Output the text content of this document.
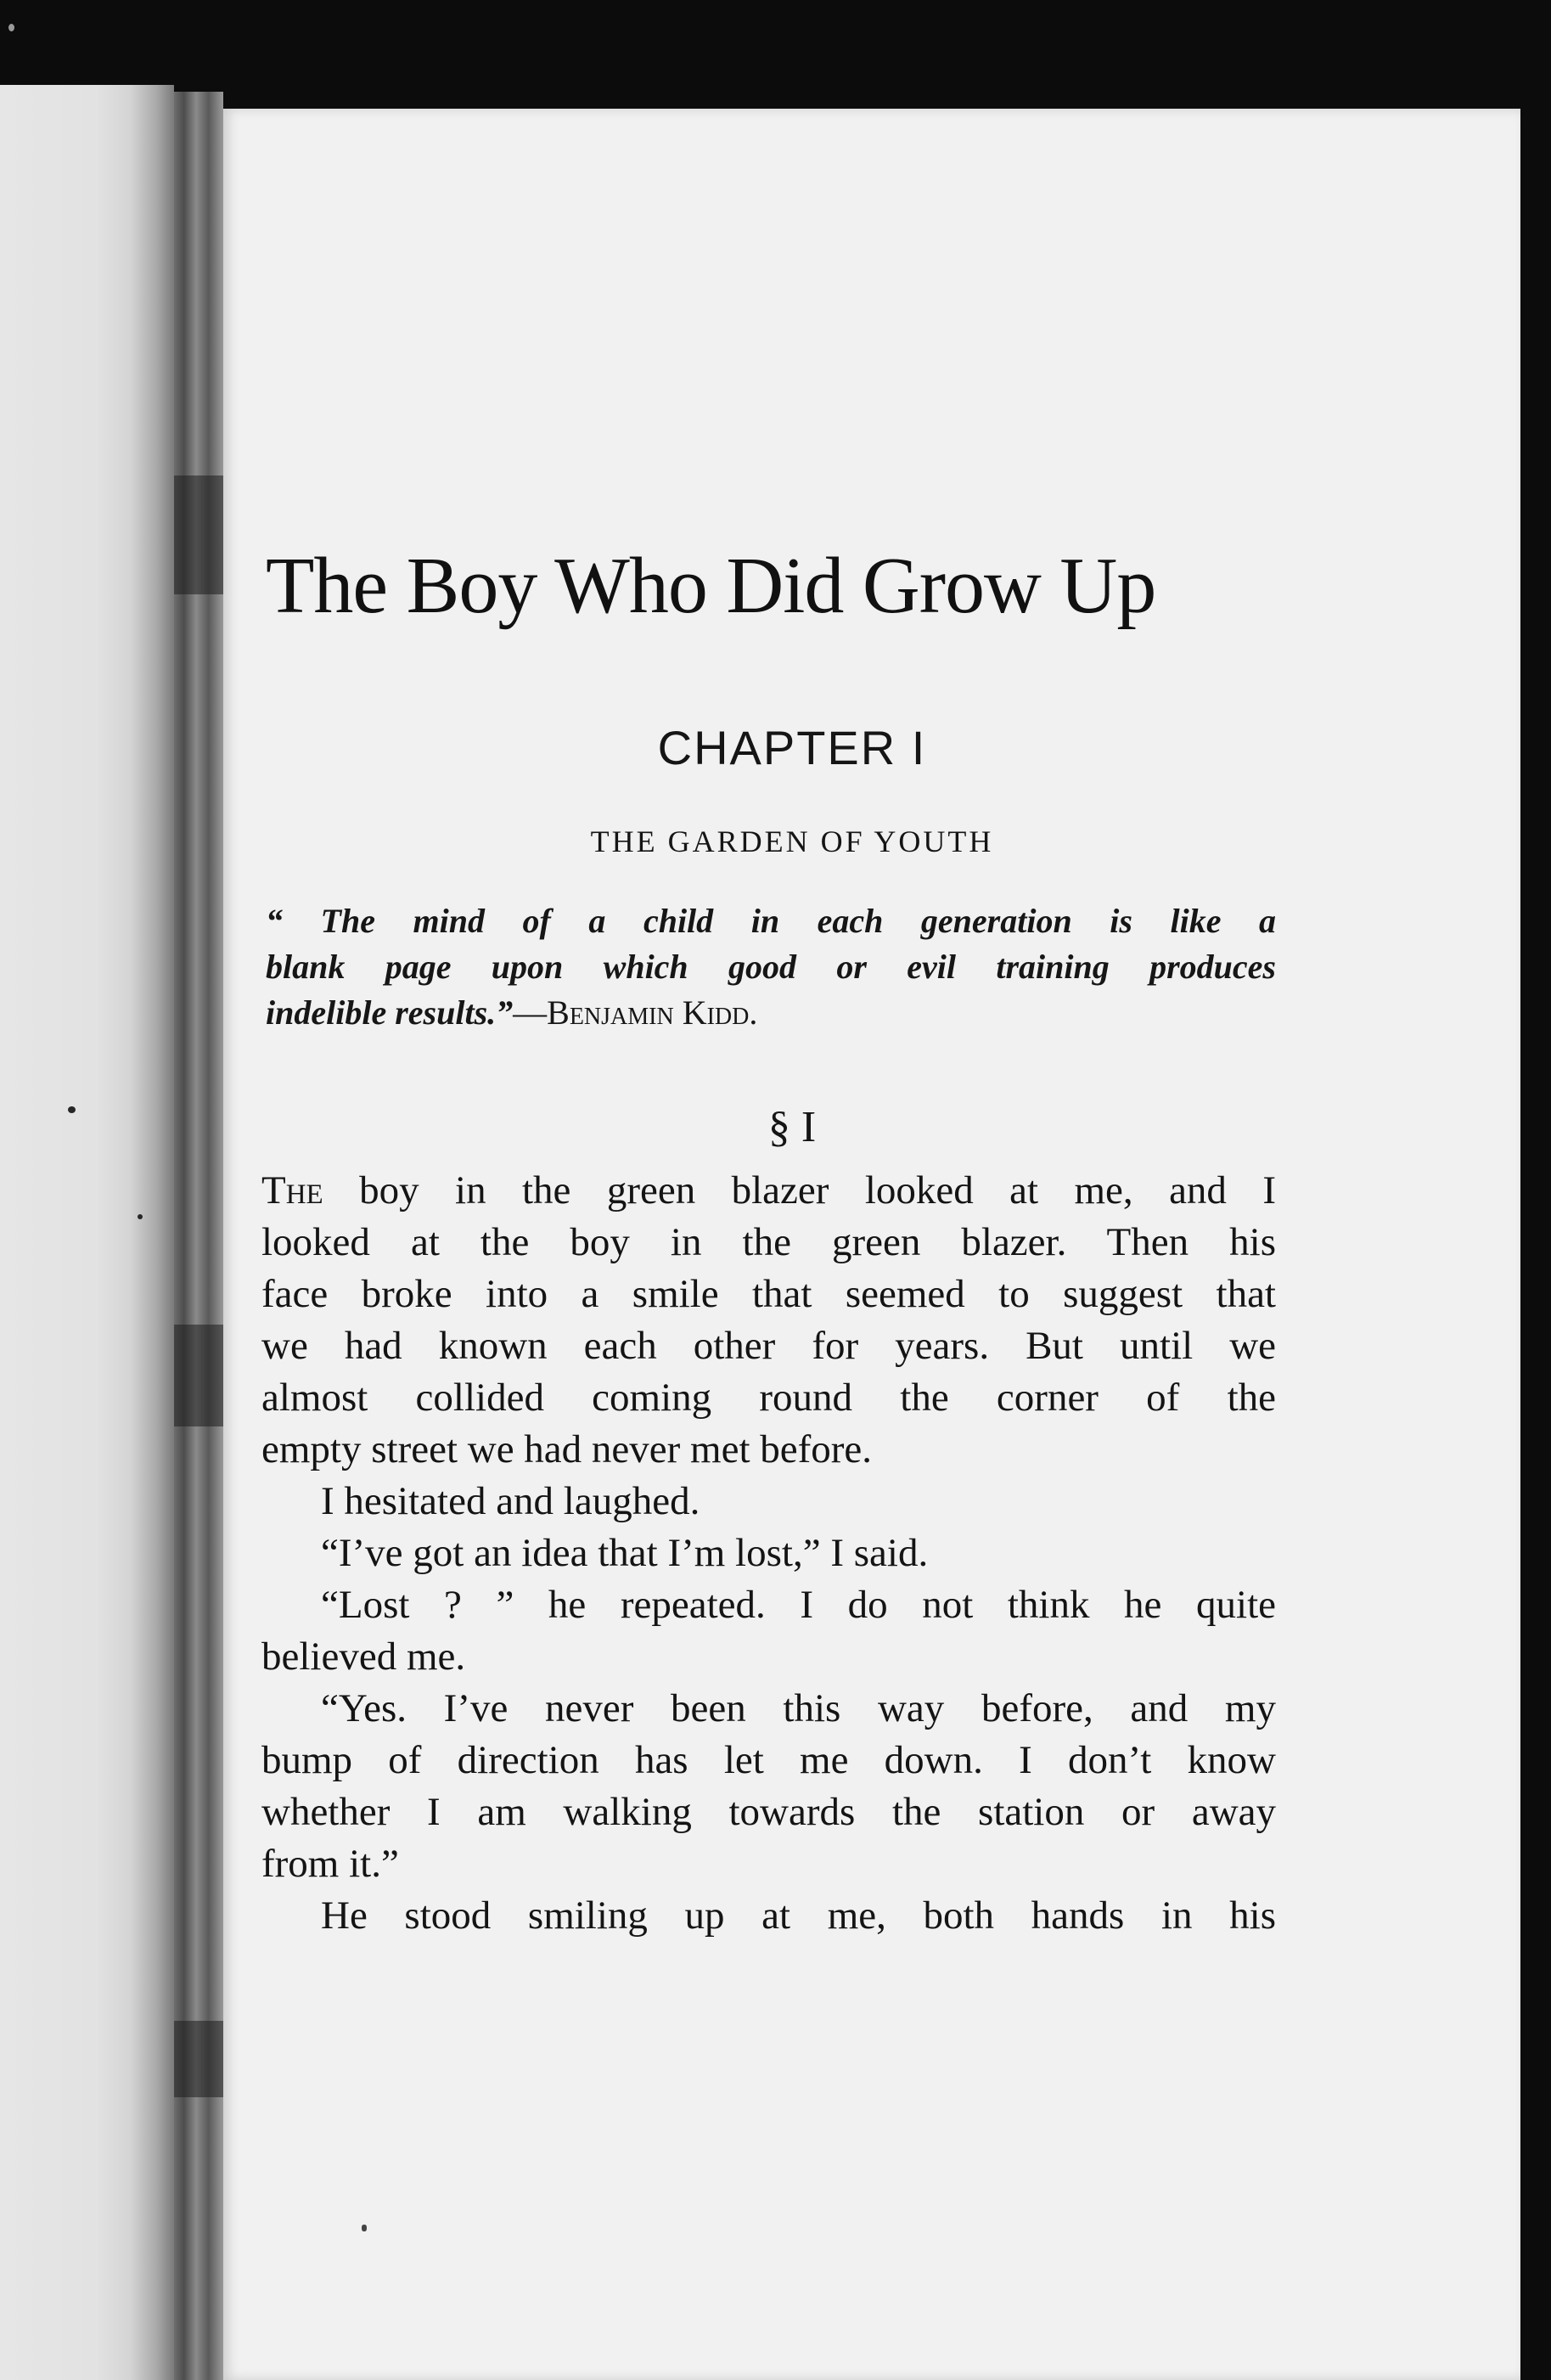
The Boy Who Did Grow Up
CHAPTER I
THE GARDEN OF YOUTH
“ The mind of a child in each generation is like a
blank page upon which good or evil training produces
indelible results.”—Benjamin Kidd.
§ I

The boy in the green blazer looked at me, and I
looked at the boy in the green blazer. Then his
face broke into a smile that seemed to suggest that
we had known each other for years. But until we
almost collided coming round the corner of the
empty street we had never met before.

I hesitated and laughed.

“I’ve got an idea that I’m lost,” I said.

“Lost ? ” he repeated. I do not think he quite
believed me.

“Yes. I’ve never been this way before, and my
bump of direction has let me down. I don’t know
whether I am walking towards the station or away
from it.”

He stood smiling up at me, both hands in his
